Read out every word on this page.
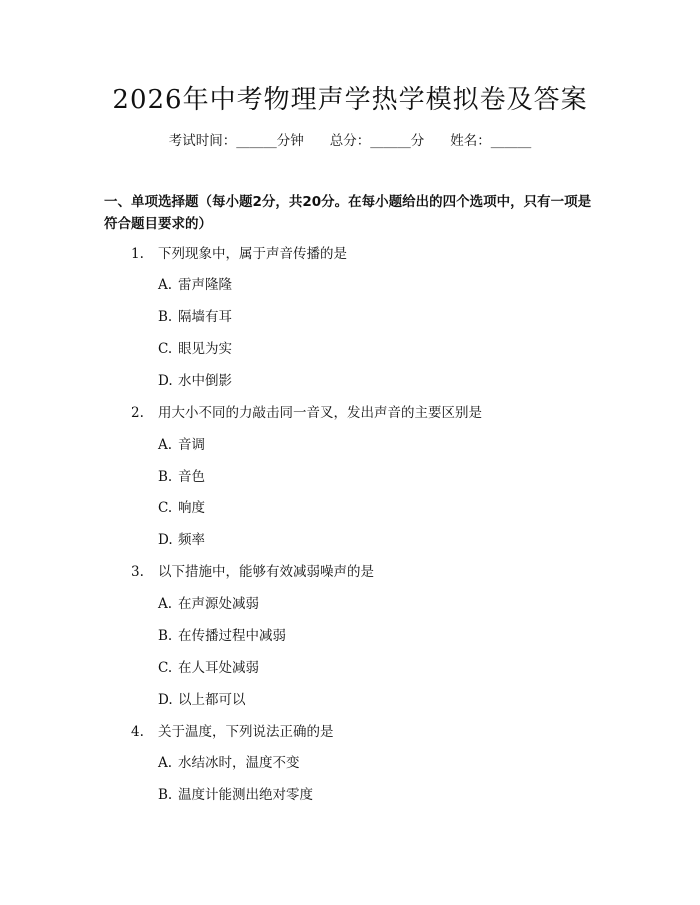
2026年中考物理声学热学模拟卷及答案
考试时间：______分钟 总分：______分 姓名：______
一、单项选择题（每小题2分，共20分。在每小题给出的四个选项中，只有一项是符合题目要求的）
1. 下列现象中，属于声音传播的是
A. 雷声隆隆
B. 隔墙有耳
C. 眼见为实
D. 水中倒影
2. 用大小不同的力敲击同一音叉，发出声音的主要区别是
A. 音调
B. 音色
C. 响度
D. 频率
3. 以下措施中，能够有效减弱噪声的是
A. 在声源处减弱
B. 在传播过程中减弱
C. 在人耳处减弱
D. 以上都可以
4. 关于温度，下列说法正确的是
A. 水结冰时，温度不变
B. 温度计能测出绝对零度
